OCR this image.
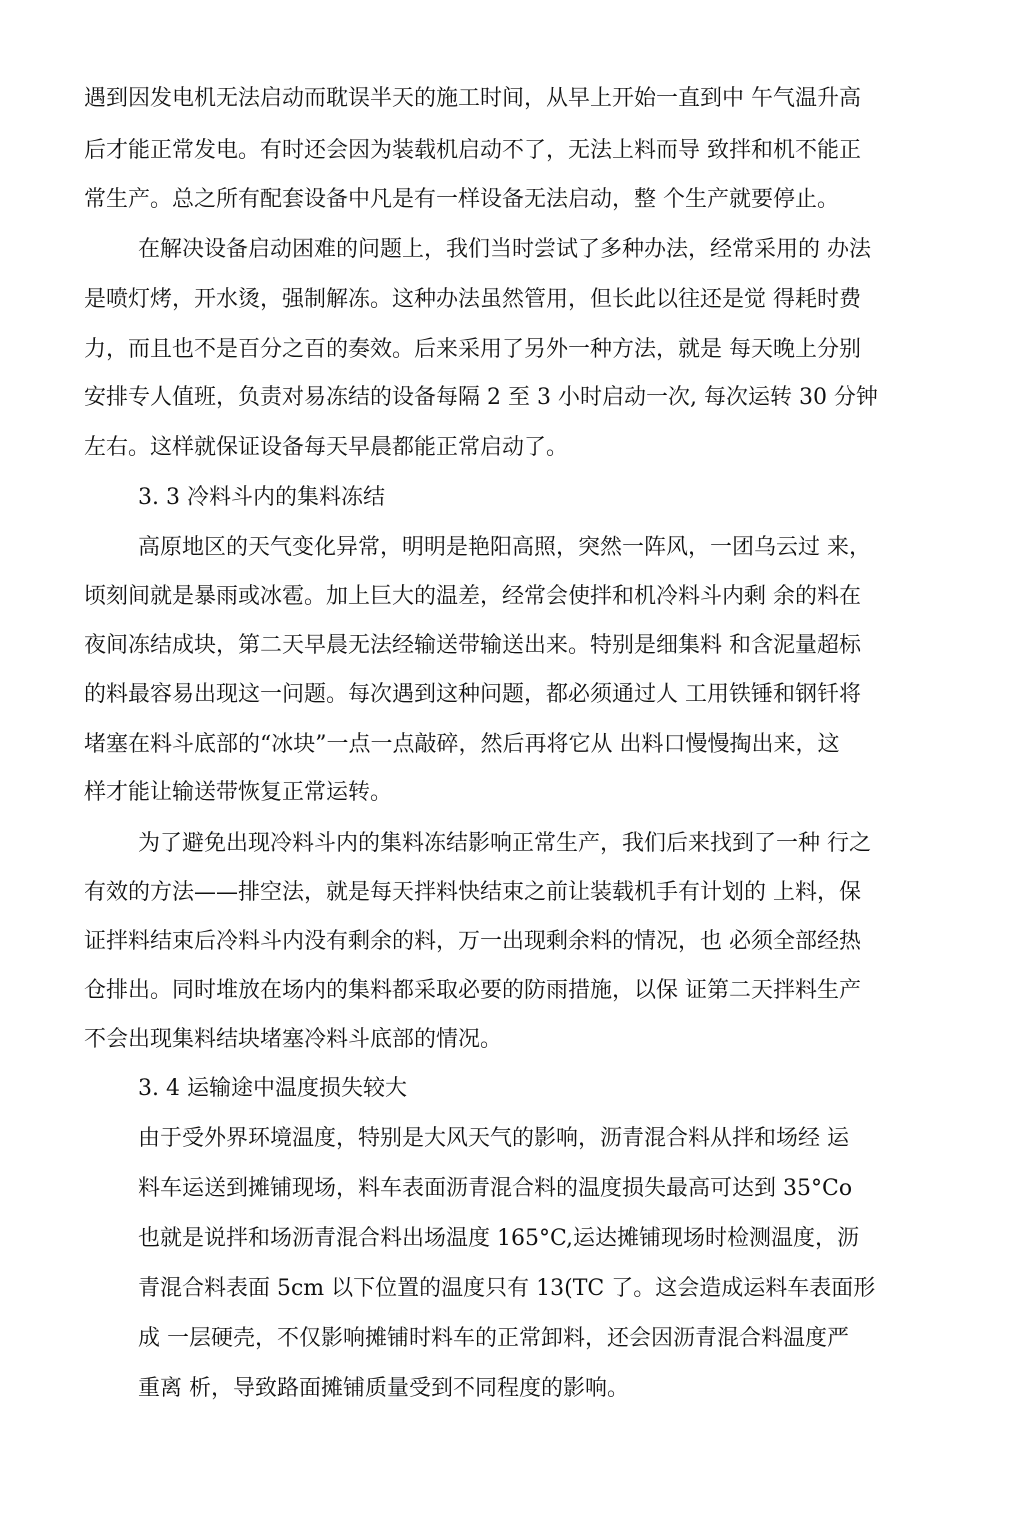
遇到因发电机无法启动而耽误半天的施工时间，从早上开始一直到中 午气温升高
后才能正常发电。有时还会因为装载机启动不了，无法上料而导 致拌和机不能正
常生产。总之所有配套设备中凡是有一样设备无法启动，整 个生产就要停止。
在解决设备启动困难的问题上，我们当时尝试了多种办法，经常采用的 办法
是喷灯烤，开水烫，强制解冻。这种办法虽然管用，但长此以往还是觉 得耗时费
力，而且也不是百分之百的奏效。后来采用了另外一种方法，就是 每天晚上分别
安排专人值班，负责对易冻结的设备每隔 2 至 3 小时启动一次, 每次运转 30 分钟
左右。这样就保证设备每天早晨都能正常启动了。
3. 3 冷料斗内的集料冻结
高原地区的天气变化异常，明明是艳阳高照，突然一阵风，一团乌云过 来，
顷刻间就是暴雨或冰雹。加上巨大的温差，经常会使拌和机冷料斗内剩 余的料在
夜间冻结成块，第二天早晨无法经输送带输送出来。特别是细集料 和含泥量超标
的料最容易出现这一问题。每次遇到这种问题，都必须通过人 工用铁锤和钢钎将
堵塞在料斗底部的“冰块”一点一点敲碎，然后再将它从 出料口慢慢掏出来，这
样才能让输送带恢复正常运转。
为了避免出现冷料斗内的集料冻结影响正常生产，我们后来找到了一种 行之
有效的方法——排空法，就是每天拌料快结束之前让装载机手有计划的 上料，保
证拌料结束后冷料斗内没有剩余的料，万一出现剩余料的情况，也 必须全部经热
仓排出。同时堆放在场内的集料都采取必要的防雨措施，以保 证第二天拌料生产
不会出现集料结块堵塞冷料斗底部的情况。
3. 4 运输途中温度损失较大
由于受外界环境温度，特别是大风天气的影响，沥青混合料从拌和场经 运
料车运送到摊铺现场，料车表面沥青混合料的温度损失最高可达到 35°Co
也就是说拌和场沥青混合料出场温度 165°C,运达摊铺现场时检测温度，沥
青混合料表面 5cm 以下位置的温度只有 13(TC 了。这会造成运料车表面形
成 一层硬壳，不仅影响摊铺时料车的正常卸料，还会因沥青混合料温度严
重离 析，导致路面摊铺质量受到不同程度的影响。
